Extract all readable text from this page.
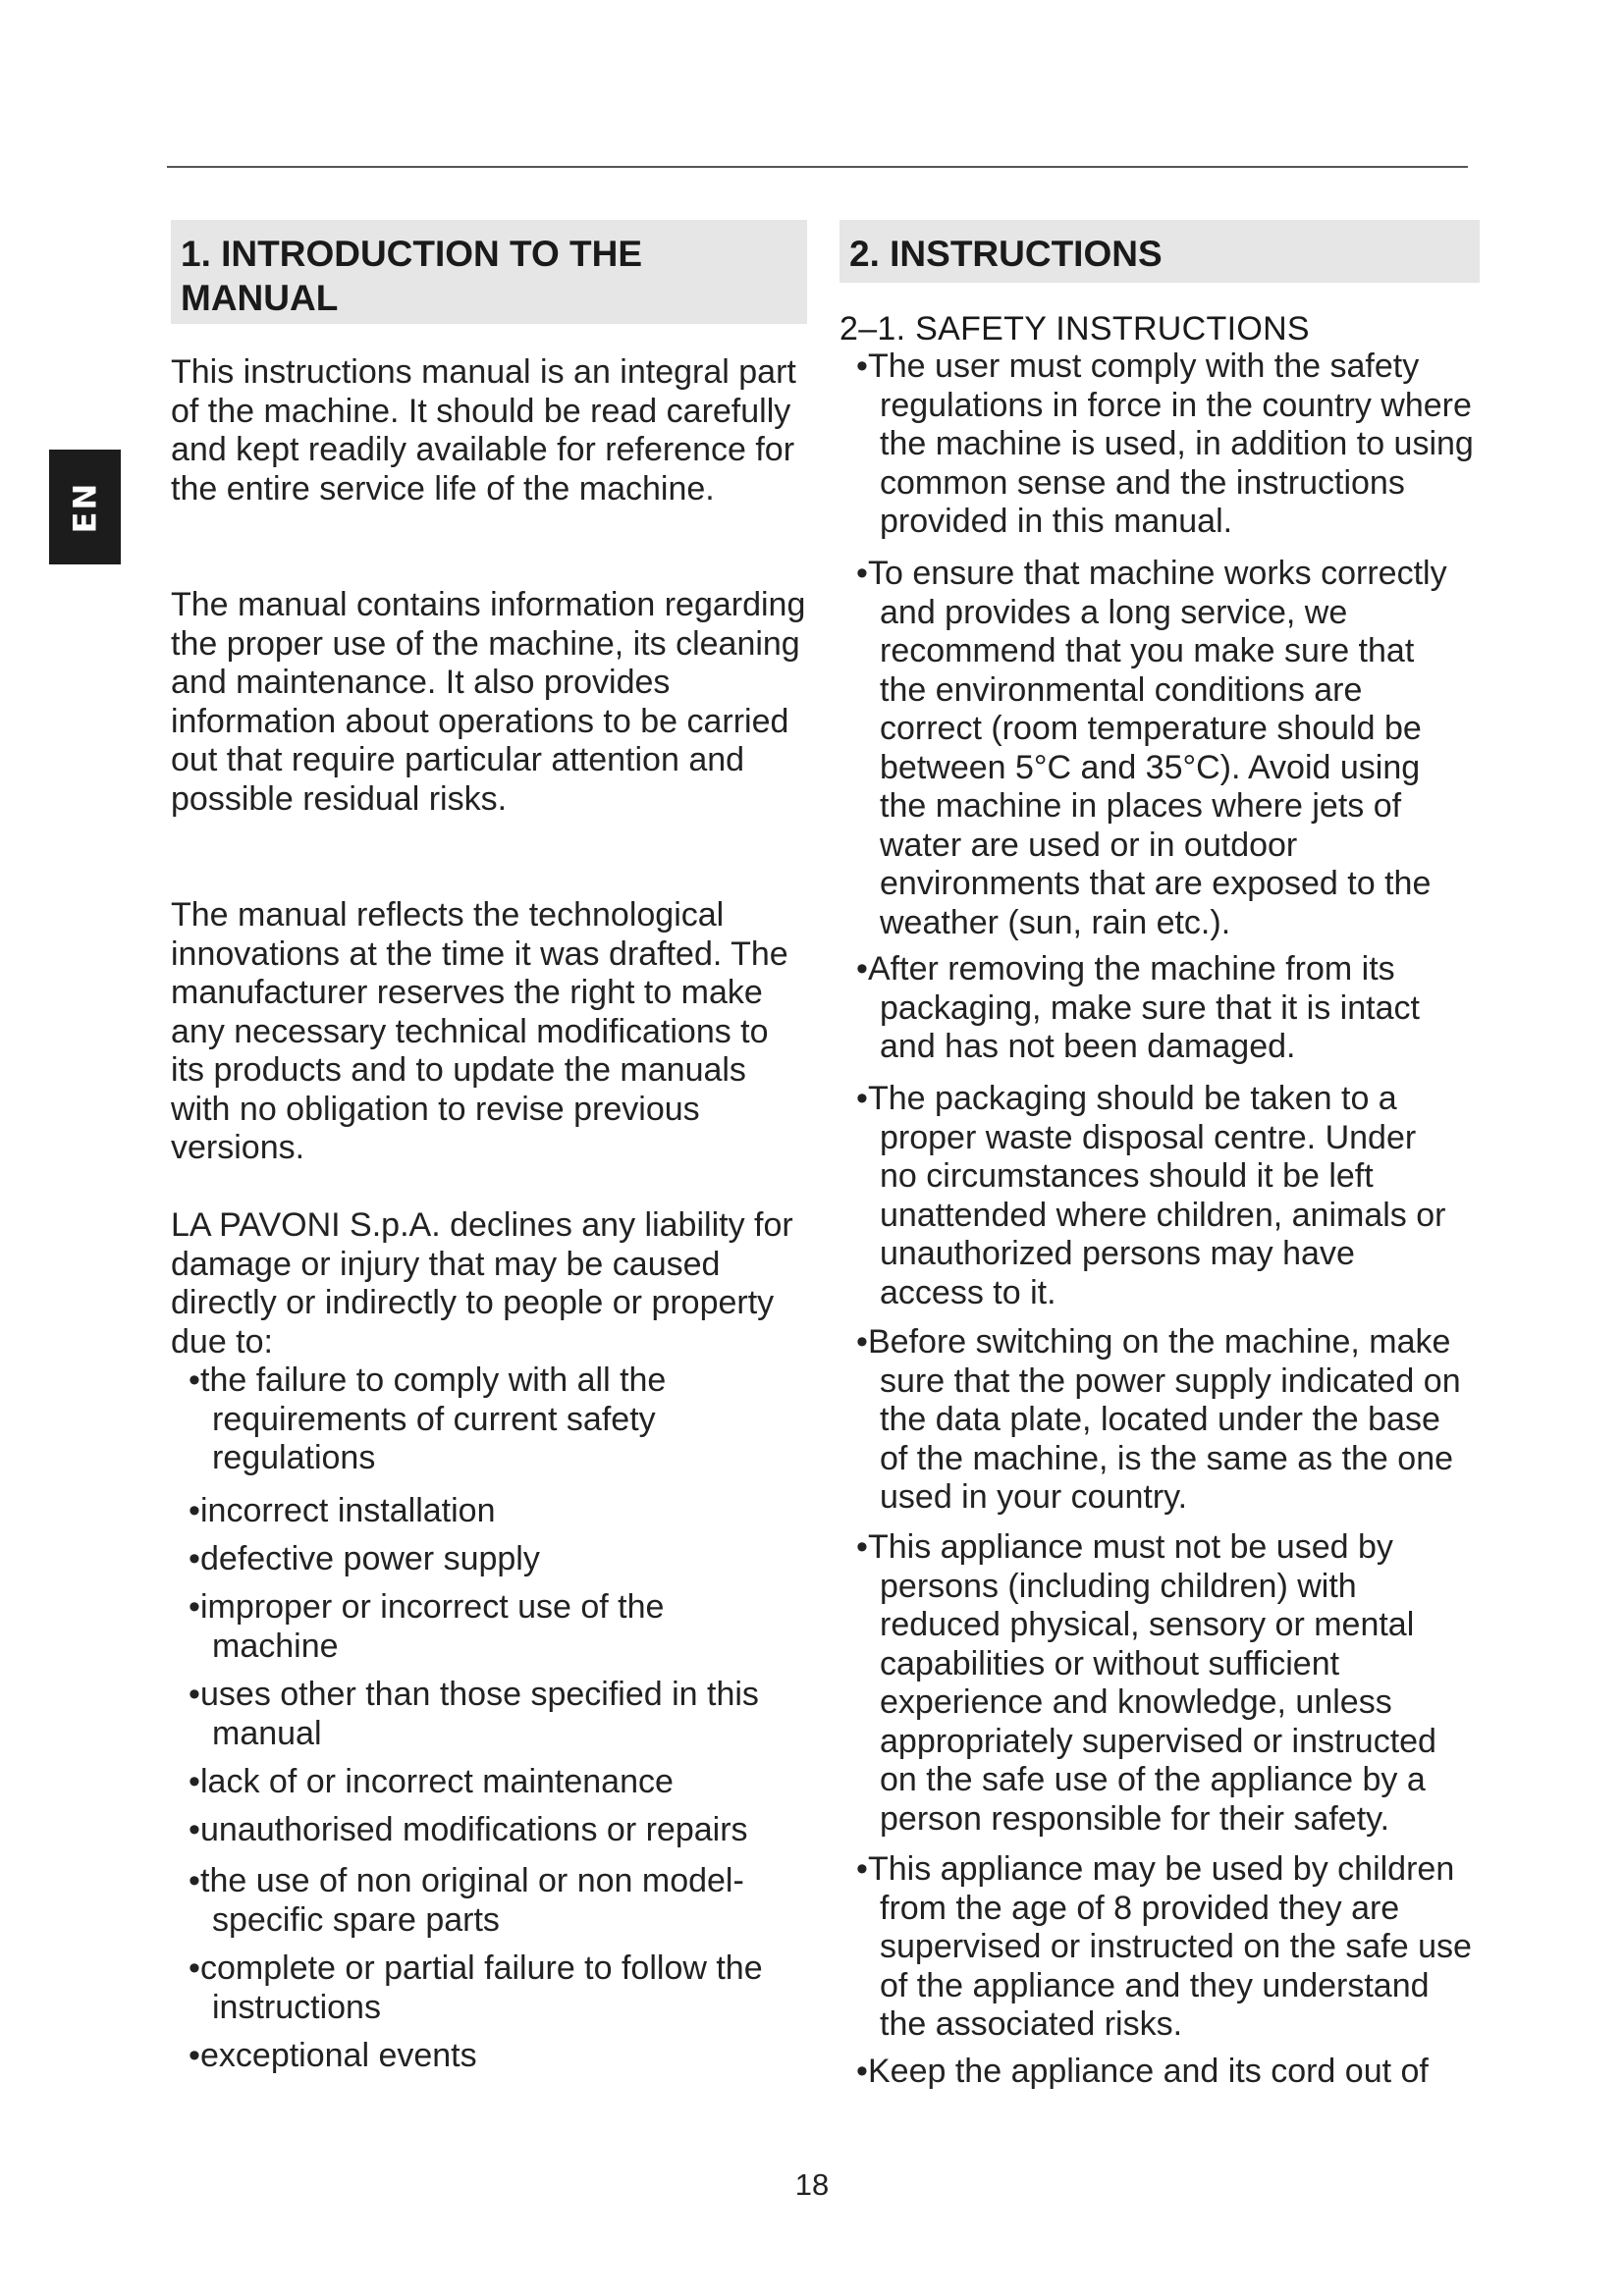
EN
1. INTRODUCTION TO THE MANUAL
This instructions manual is an integral part of the machine. It should be read carefully and kept readily available for reference for the entire service life of the machine.
The manual contains information regarding the proper use of the machine, its cleaning and maintenance. It also provides information about operations to be carried out that require particular attention and possible residual risks.
The manual reflects the technological innovations at the time it was drafted. The manufacturer reserves the right to make any necessary technical modifications to its products and to update the manuals with no obligation to revise previous versions.
LA PAVONI S.p.A. declines any liability for damage or injury that may be caused directly or indirectly to people or property due to:
• the failure to comply with all the requirements of current safety regulations
• incorrect installation
• defective power supply
• improper or incorrect use of the machine
• uses other than those specified in this manual
• lack of or incorrect maintenance
• unauthorised modifications or repairs
• the use of non original or non model-specific spare parts
• complete or partial failure to follow the instructions
• exceptional events
2. INSTRUCTIONS
2–1. SAFETY INSTRUCTIONS
• The user must comply with the safety regulations in force in the country where the machine is used, in addition to using common sense and the instructions provided in this manual.
• To ensure that machine works correctly and provides a long service, we recommend that you make sure that the environmental conditions are correct (room temperature should be between 5°C and 35°C). Avoid using the machine in places where jets of water are used or in outdoor environments that are exposed to the weather (sun, rain etc.).
• After removing the machine from its packaging, make sure that it is intact and has not been damaged.
• The packaging should be taken to a proper waste disposal centre. Under no circumstances should it be left unattended where children, animals or unauthorized persons may have access to it.
• Before switching on the machine, make sure that the power supply indicated on the data plate, located under the base of the machine, is the same as the one used in your country.
• This appliance must not be used by persons (including children) with reduced physical, sensory or mental capabilities or without sufficient experience and knowledge, unless appropriately supervised or instructed on the safe use of the appliance by a person responsible for their safety.
• This appliance may be used by children from the age of 8 provided they are supervised or instructed on the safe use of the appliance and they understand the associated risks.
• Keep the appliance and its cord out of
18
